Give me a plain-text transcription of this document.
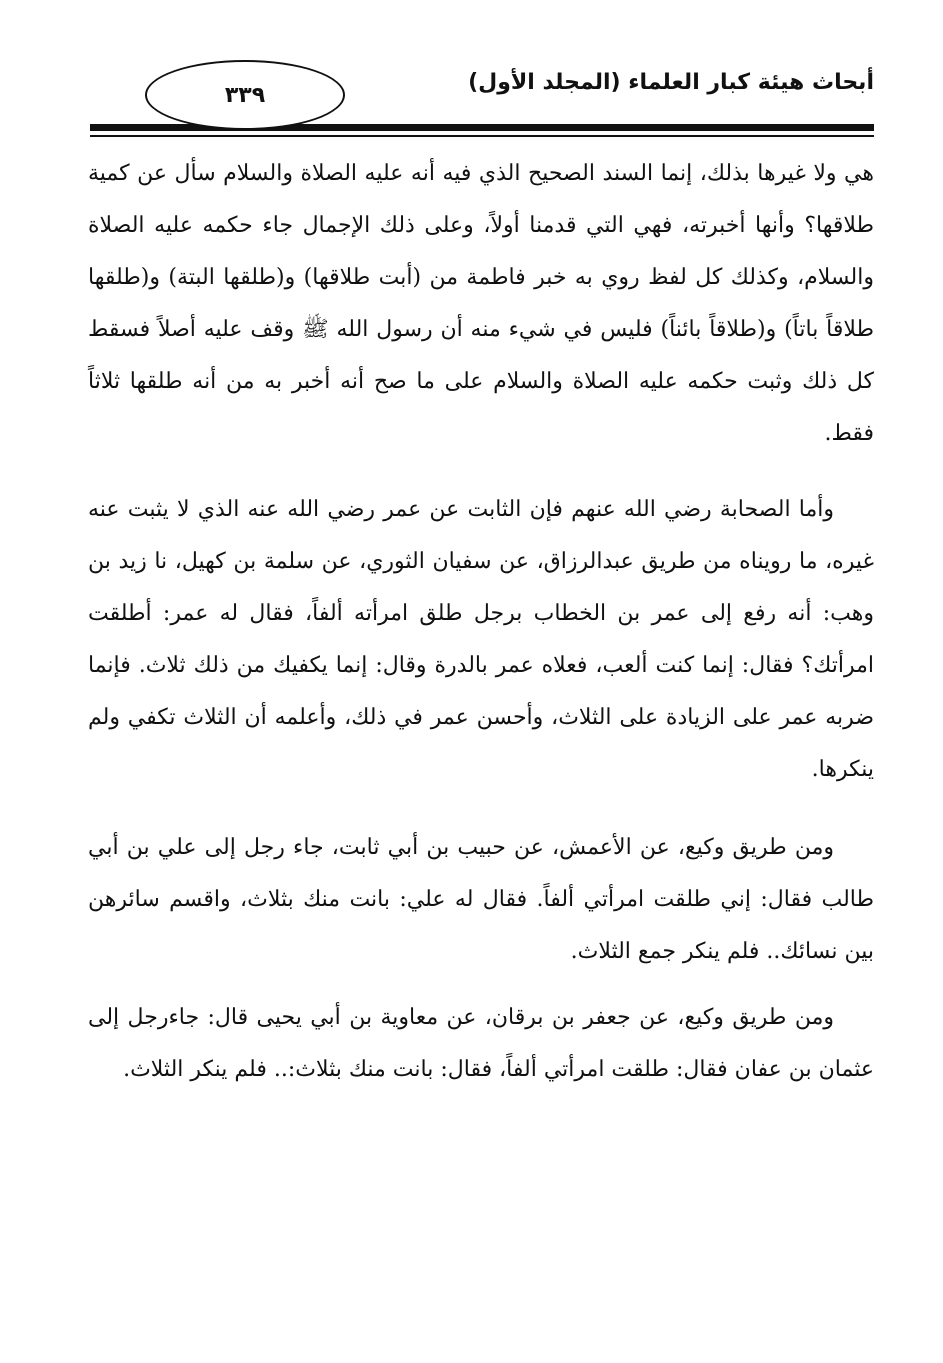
٣٣٩	أبحاث هيئة كبار العلماء (المجلد الأول)

هي ولا غيرها بذلك، إنما السند الصحيح الذي فيه أنه عليه الصلاة والسلام سأل عن كمية طلاقها؟ وأنها أخبرته، فهي التي قدمنا أولاً، وعلى ذلك الإجمال جاء حكمه عليه الصلاة والسلام، وكذلك كل لفظ روي به خبر فاطمة من (أبت طلاقها) و(طلقها البتة) و(طلقها طلاقاً باتاً) و(طلاقاً بائناً) فليس في شيء منه أن رسول الله ﷺ وقف عليه أصلاً فسقط كل ذلك وثبت حكمه عليه الصلاة والسلام على ما صح أنه أخبر به من أنه طلقها ثلاثاً فقط.

وأما الصحابة رضي الله عنهم فإن الثابت عن عمر رضي الله عنه الذي لا يثبت عنه غيره، ما رويناه من طريق عبدالرزاق، عن سفيان الثوري، عن سلمة بن كهيل، نا زيد بن وهب: أنه رفع إلى عمر بن الخطاب برجل طلق امرأته ألفاً، فقال له عمر: أطلقت امرأتك؟ فقال: إنما كنت ألعب، فعلاه عمر بالدرة وقال: إنما يكفيك من ذلك ثلاث. فإنما ضربه عمر على الزيادة على الثلاث، وأحسن عمر في ذلك، وأعلمه أن الثلاث تكفي ولم ينكرها.

ومن طريق وكيع، عن الأعمش، عن حبيب بن أبي ثابت، جاء رجل إلى علي بن أبي طالب فقال: إني طلقت امرأتي ألفاً. فقال له علي: بانت منك بثلاث، واقسم سائرهن بين نسائك.. فلم ينكر جمع الثلاث.

ومن طريق وكيع، عن جعفر بن برقان، عن معاوية بن أبي يحيى قال: جاءرجل إلى عثمان بن عفان فقال: طلقت امرأتي ألفاً، فقال: بانت منك بثلاث:.. فلم ينكر الثلاث.
